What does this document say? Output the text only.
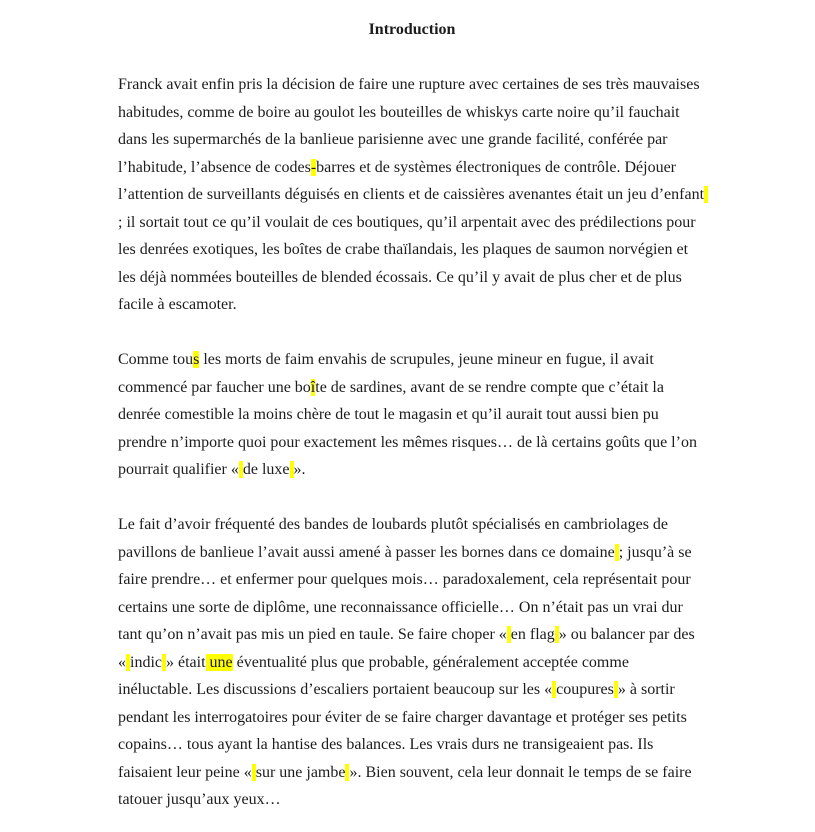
Introduction

Franck avait enfin pris la décision de faire une rupture avec certaines de ses très mauvaises habitudes, comme de boire au goulot les bouteilles de whiskys carte noire qu’il fauchait dans les supermarchés de la banlieue parisienne avec une grande facilité, conférée par l’habitude, l’absence de codes-barres et de systèmes électroniques de contrôle. Déjouer l’attention de surveillants déguisés en clients et de caissières avenantes était un jeu d’enfant ; il sortait tout ce qu’il voulait de ces boutiques, qu’il arpentait avec des prédilections pour les denrées exotiques, les boîtes de crabe thaïlandais, les plaques de saumon norvégien et les déjà nommées bouteilles de blended écossais. Ce qu’il y avait de plus cher et de plus facile à escamoter.

Comme tous les morts de faim envahis de scrupules, jeune mineur en fugue, il avait commencé par faucher une boîte de sardines, avant de se rendre compte que c’était la denrée comestible la moins chère de tout le magasin et qu’il aurait tout aussi bien pu prendre n’importe quoi pour exactement les mêmes risques… de là certains goûts que l’on pourrait qualifier « de luxe ».

Le fait d’avoir fréquenté des bandes de loubards plutôt spécialisés en cambriolages de pavillons de banlieue l’avait aussi amené à passer les bornes dans ce domaine ; jusqu’à se faire prendre… et enfermer pour quelques mois… paradoxalement, cela représentait pour certains une sorte de diplôme, une reconnaissance officielle… On n’était pas un vrai dur tant qu’on n’avait pas mis un pied en taule. Se faire choper « en flag » ou balancer par des « indic » était une éventualité plus que probable, généralement acceptée comme inéluctable. Les discussions d’escaliers portaient beaucoup sur les « coupures » à sortir pendant les interrogatoires pour éviter de se faire charger davantage et protéger ses petits copains… tous ayant la hantise des balances. Les vrais durs ne transigeaient pas. Ils faisaient leur peine « sur une jambe ». Bien souvent, cela leur donnait le temps de se faire tatouer jusqu’aux yeux…
